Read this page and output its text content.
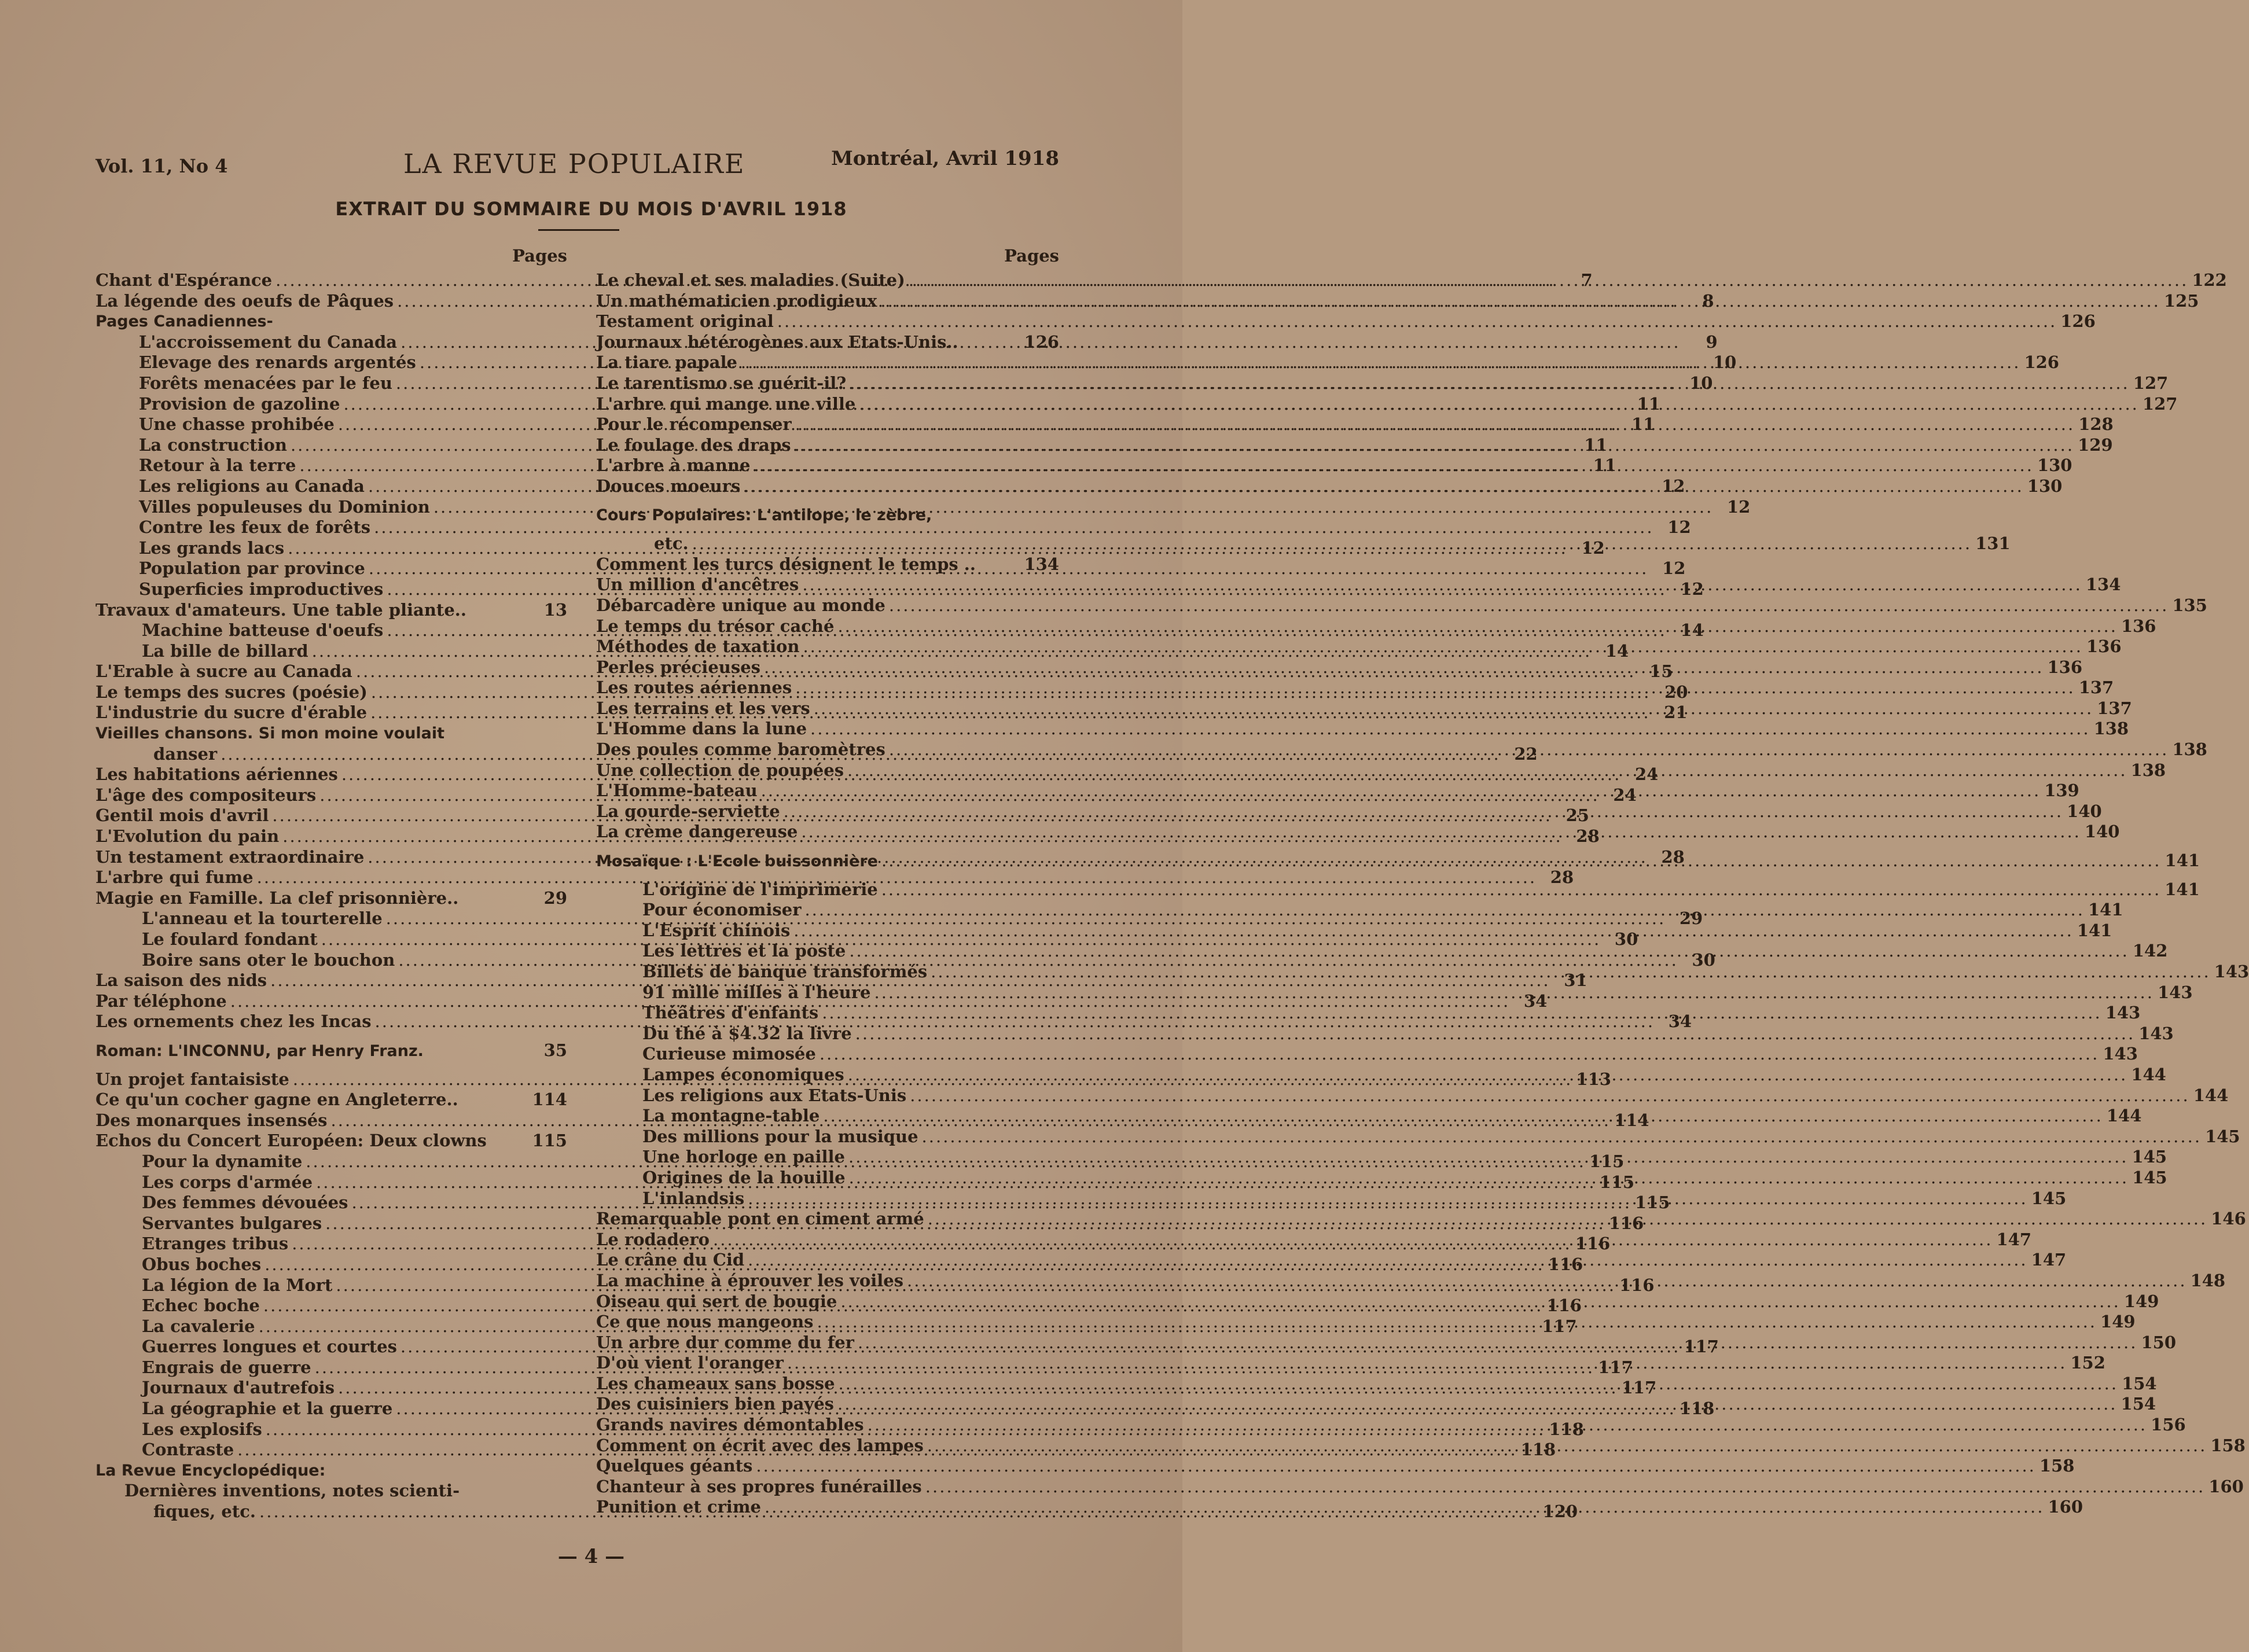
Vol. 11, No 4	LA REVUE POPULAIRE	Montréal, Avril 1918
EXTRAIT DU SOMMAIRE DU MOIS D'AVRIL 1918
Pages
Chant d'Espérance .....	7
La légende des oeufs de Pâques .....	8
Pages Canadiennes-
L'accroissement du Canada .....	9
Elevage des renards argentés .....	10
Forêts menacées par le feu .....	10
Provision de gazoline .....	11
Une chasse prohibée .....	11
La construction .....	11
Retour à la terre .....	11
Les religions au Canada .....	12
Villes populeuses du Dominion .....	12
Contre les feux de forêts .....	12
Les grands lacs .....	12
Population par province .....	12
Superficies improductives .....	12
Travaux d'amateurs. Une table pliante..	13
Machine batteuse d'oeufs .....	14
La bille de billard .....	14
L'Erable à sucre au Canada .....	15
Le temps des sucres (poésie) .....	20
L'industrie du sucre d'érable .....	21
Vieilles chansons. Si mon moine voulait
danser .....	22
Les habitations aériennes .....	24
L'âge des compositeurs .....	24
Gentil mois d'avril .....	25
L'Evolution du pain .....	28
Un testament extraordinaire .....	28
L'arbre qui fume .....	28
Magie en Famille. La clef prisonnière..	29
L'anneau et la tourterelle .....	29
Le foulard fondant .....	30
Boire sans oter le bouchon .....	30
La saison des nids .....	31
Par téléphone .....	34
Les ornements chez les Incas .....	34
Roman: L'INCONNU, par Henry Franz.	35
Un projet fantaisiste .....	113
Ce qu'un cocher gagne en Angleterre..	114
Des monarques insensés .....	114
Echos du Concert Européen: Deux clowns	115
Pour la dynamite .....	115
Les corps d'armée .....	115
Des femmes dévouées .....	115
Servantes bulgares .....	116
Etranges tribus .....	116
Obus boches .....	116
La légion de la Mort .....	116
Echec boche .....	116
La cavalerie .....	117
Guerres longues et courtes .....	117
Engrais de guerre .....	117
Journaux d'autrefois .....	117
La géographie et la guerre .....	118
Les explosifs .....	118
Contraste .....	118
La Revue Encyclopédique:
Dernières inventions, notes scienti-
fiques, etc. .....	120
Pages
Le cheval et ses maladies (Suite) .....	122
Un mathématicien prodigieux .....	125
Testament original .....	126
Journaux hétérogènes aux Etats-Unis..	126
La tiare papale .....	126
Le tarentismo se guérit-il? .....	127
L'arbre qui mange une ville .....	127
Pour le récompenser .....	128
Le foulage des draps .....	129
L'arbre à manne .....	130
Douces moeurs .....	130
Cours Populaires: L'antilope, le zèbre,
etc. .....	131
Comment les turcs désignent le temps ..	134
Un million d'ancêtres .....	134
Débarcadère unique au monde .....	135
Le temps du trésor caché .....	136
Méthodes de taxation .....	136
Perles précieuses .....	136
Les routes aériennes .....	137
Les terrains et les vers .....	137
L'Homme dans la lune .....	138
Des poules comme baromètres .....	138
Une collection de poupées .....	138
L'Homme-bateau .....	139
La gourde-serviette .....	140
La crème dangereuse .....	140
Mosaïque : L'Ecole buissonnière .....	141
L'origine de l'imprimerie .....	141
Pour économiser .....	141
L'Esprit chinois .....	141
Les lettres et la poste .....	142
Billets de banque transformés .....	143
91 mille milles à l'heure .....	143
Théâtres d'enfants .....	143
Du thé à $4.32 la livre .....	143
Curieuse mimosée .....	143
Lampes économiques .....	144
Les religions aux Etats-Unis .....	144
La montagne-table .....	144
Des millions pour la musique .....	145
Une horloge en paille .....	145
Origines de la houille .....	145
L'inlandsis .....	145
Remarquable pont en ciment armé .....	146
Le rodadero .....	147
Le crâne du Cid .....	147
La machine à éprouver les voiles .....	148
Oiseau qui sert de bougie .....	149
Ce que nous mangeons .....	149
Un arbre dur comme du fer .....	150
D'où vient l'oranger .....	152
Les chameaux sans bosse .....	154
Des cuisiniers bien payés .....	154
Grands navires démontables .....	156
Comment on écrit avec des lampes .....	158
Quelques géants .....	158
Chanteur à ses propres funérailles .....	160
Punition et crime .....	160
— 4 —
